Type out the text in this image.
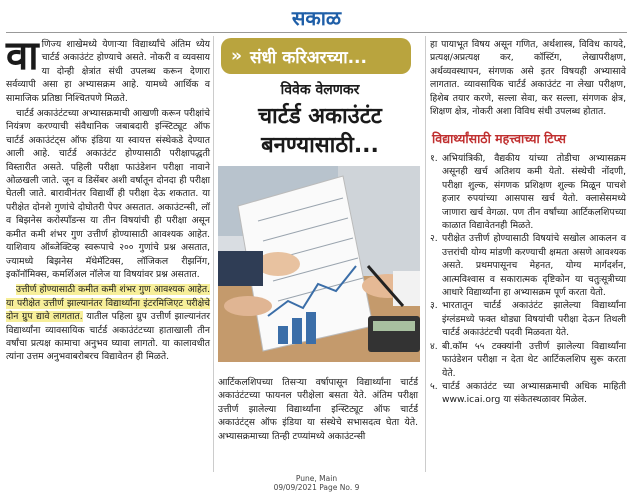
सकाळ

वाणिज्य शाखेमध्ये येणाऱ्या विद्यार्थ्यांचे अंतिम ध्येय चार्टर्ड अकाउंटंट होण्याचे असते. नोकरी व व्यवसाय या दोन्ही क्षेत्रांत संधी उपलब्ध करून देणारा सर्वव्यापी असा हा अभ्यासक्रम आहे. यामध्ये आर्थिक व सामाजिक प्रतिष्ठा निश्चितपणे मिळते.

चार्टर्ड अकाउंटंटच्या अभ्यासक्रमाची आखणी करून परीक्षांचे नियंत्रण करण्याची संवैधानिक जबाबदारी इन्स्टिट्यूट ऑफ चार्टर्ड अकाउंटंट्स ऑफ इंडिया या स्वायत्त संस्थेकडे देण्यात आली आहे. चार्टर्ड अकाउंटंट होण्यासाठी परीक्षापद्धती विस्तारीत असते. पहिली परीक्षा फाउंडेशन परीक्षा नावाने ओळखली जाते. जून व डिसेंबर अशी वर्षातून दोनदा ही परीक्षा घेतली जाते. बारावीनंतर विद्यार्थी ही परीक्षा देऊ शकतात. या परीक्षेत दोनशे गुणांचे दोघोतरी पेपर असतात. अकाउंटन्सी, लॉ व बिझनेस करोस्पाँडन्स या तीन विषयांची ही परीक्षा असून कमीत कमी शंभर गुण उत्तीर्ण होण्यासाठी आवश्यक आहेत. याशिवाय ऑब्जेक्टिव्ह स्वरूपाचे २०० गुणांचे प्रश्न असतात, ज्यामध्ये बिझनेस मॅथेमॅटिक्स, लॉजिकल रीझनिंग, इकॉनॉमिक्स, कमर्शिअल नॉलेज या विषयांवर प्रश्न असतात.

उत्तीर्ण होण्यासाठी कमीत कमी शंभर गुण आवश्यक आहेत. या परीक्षेत उत्तीर्ण झाल्यानंतर विद्यार्थ्यांना इंटरमिजिएट परीक्षेचे दोन ग्रुप द्यावे लागतात. यातील पहिला ग्रुप उत्तीर्ण झाल्यानंतर विद्यार्थ्यांना व्यावसायिक चार्टर्ड अकाउंटंटच्या हाताखाली तीन वर्षांचा प्रत्यक्ष कामाचा अनुभव घ्यावा लागतो. या कालावधीत त्यांना उत्तम अनुभवाबरोबरच विद्यावेतन ही मिळते.

» संधी करिअरच्या...
विवेक वेलणकर
चार्टर्ड अकाउंटंट बनण्यासाठी...

आर्टिकलशिपच्या तिसऱ्या वर्षापासून विद्यार्थ्यांना चार्टर्ड अकाउंटंटच्या फायनल परीक्षेला बसता येते. अंतिम परीक्षा उत्तीर्ण झालेल्या विद्यार्थ्यांना इन्स्टिट्यूट ऑफ चार्टर्ड अकाउंटंट्स ऑफ इंडिया या संस्थेचे सभासदत्व घेता येते. अभ्यासक्रमाच्या तिन्ही टप्प्यांमध्ये अकाउंटन्सी

हा पायाभूत विषय असून गणित, अर्थशास्त्र, विविध कायदे, प्रत्यक्ष/अप्रत्यक्ष कर, कॉस्टिंग, लेखापरीक्षण, अर्थव्यवस्थापन, संगणक असे इतर विषयही अभ्यासावे लागतात. व्यावसायिक चार्टर्ड अकाउंटंट ना लेखा परीक्षण, हिशेब तयार करणे, सल्ला सेवा, कर सल्ला, संगणक क्षेत्र, शिक्षण क्षेत्र, नोकरी अशा विविध संधी उपलब्ध होतात.

विद्यार्थ्यांसाठी महत्त्वाच्या टिप्स
१. अभियांत्रिकी, वैद्यकीय यांच्या तोडीचा अभ्यासक्रम असूनही खर्च अतिशय कमी येतो. संस्थेची नोंदणी, परीक्षा शुल्क, संगणक प्रशिक्षण शुल्क मिळून पाचशे हजार रुपयांच्या आसपास खर्च येतो. क्लासेसमध्ये जाणारा खर्च वेगळा. पण तीन वर्षांच्या आर्टिकलशिपच्या काळात विद्यावेतनही मिळते.
२. परीक्षेत उत्तीर्ण होण्यासाठी विषयांचे सखोल आकलन व उत्तरांची योग्य मांडणी करण्याची क्षमता असणे आवश्यक असते. प्रथमपासूनच मेहनत, योग्य मार्गदर्शन, आत्मविश्वास व सकारात्मक दृष्टिकोन या चतुःसूत्रीच्या आधारे विद्यार्थ्यांना हा अभ्यासक्रम पूर्ण करता येतो.
३. भारतातून चार्टर्ड अकाउंटंट झालेल्या विद्यार्थ्यांना इंग्लंडमध्ये फक्त थोड्या विषयांची परीक्षा देऊन तिथली चार्टर्ड अकाउंटंटची पदवी मिळवता येते.
४. बी.कॉम ५५ टक्क्यांनी उत्तीर्ण झालेल्या विद्यार्थ्यांना फाउंडेशन परीक्षा न देता थेट आर्टिकलशिप सुरू करता येते.
५. चार्टर्ड अकाउंटंट च्या अभ्यासक्रमाची अधिक माहिती www.icai.org या संकेतस्थळावर मिळेल.
Pune, Main
09/09/2021 Page No. 9
